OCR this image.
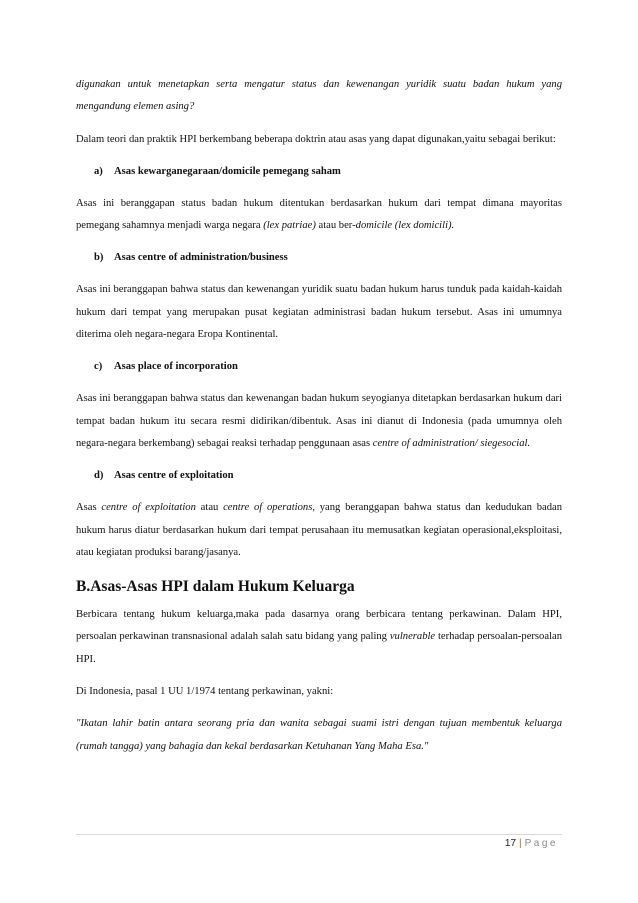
digunakan untuk menetapkan serta mengatur status dan kewenangan yuridik suatu badan hukum yang mengandung elemen asing?

Dalam teori dan praktik HPI berkembang beberapa doktrin atau asas yang dapat digunakan,yaitu sebagai berikut:

a) Asas kewarganegaraan/domicile pemegang saham

Asas ini beranggapan status badan hukum ditentukan berdasarkan hukum dari tempat dimana mayoritas pemegang sahamnya menjadi warga negara (lex patriae) atau ber-domicile (lex domicili).

b) Asas centre of administration/business

Asas ini beranggapan bahwa status dan kewenangan yuridik suatu badan hukum harus tunduk pada kaidah-kaidah hukum dari tempat yang merupakan pusat kegiatan administrasi badan hukum tersebut. Asas ini umumnya diterima oleh negara-negara Eropa Kontinental.

c) Asas place of incorporation

Asas ini beranggapan bahwa status dan kewenangan badan hukum seyogianya ditetapkan berdasarkan hukum dari tempat badan hukum itu secara resmi didirikan/dibentuk. Asas ini dianut di Indonesia (pada umumnya oleh negara-negara berkembang) sebagai reaksi terhadap penggunaan asas centre of administration/ siegesocial.

d) Asas centre of exploitation

Asas centre of exploitation atau centre of operations, yang beranggapan bahwa status dan kedudukan badan hukum harus diatur berdasarkan hukum dari tempat perusahaan itu memusatkan kegiatan operasional,eksploitasi, atau kegiatan produksi barang/jasanya.

B.Asas-Asas HPI dalam Hukum Keluarga

Berbicara tentang hukum keluarga,maka pada dasarnya orang berbicara tentang perkawinan. Dalam HPI, persoalan perkawinan transnasional adalah salah satu bidang yang paling vulnerable terhadap persoalan-persoalan HPI.

Di Indonesia, pasal 1 UU 1/1974 tentang perkawinan, yakni:

"Ikatan lahir batin antara seorang pria dan wanita sebagai suami istri dengan tujuan membentuk keluarga (rumah tangga) yang bahagia dan kekal berdasarkan Ketuhanan Yang Maha Esa."

17 | Page
